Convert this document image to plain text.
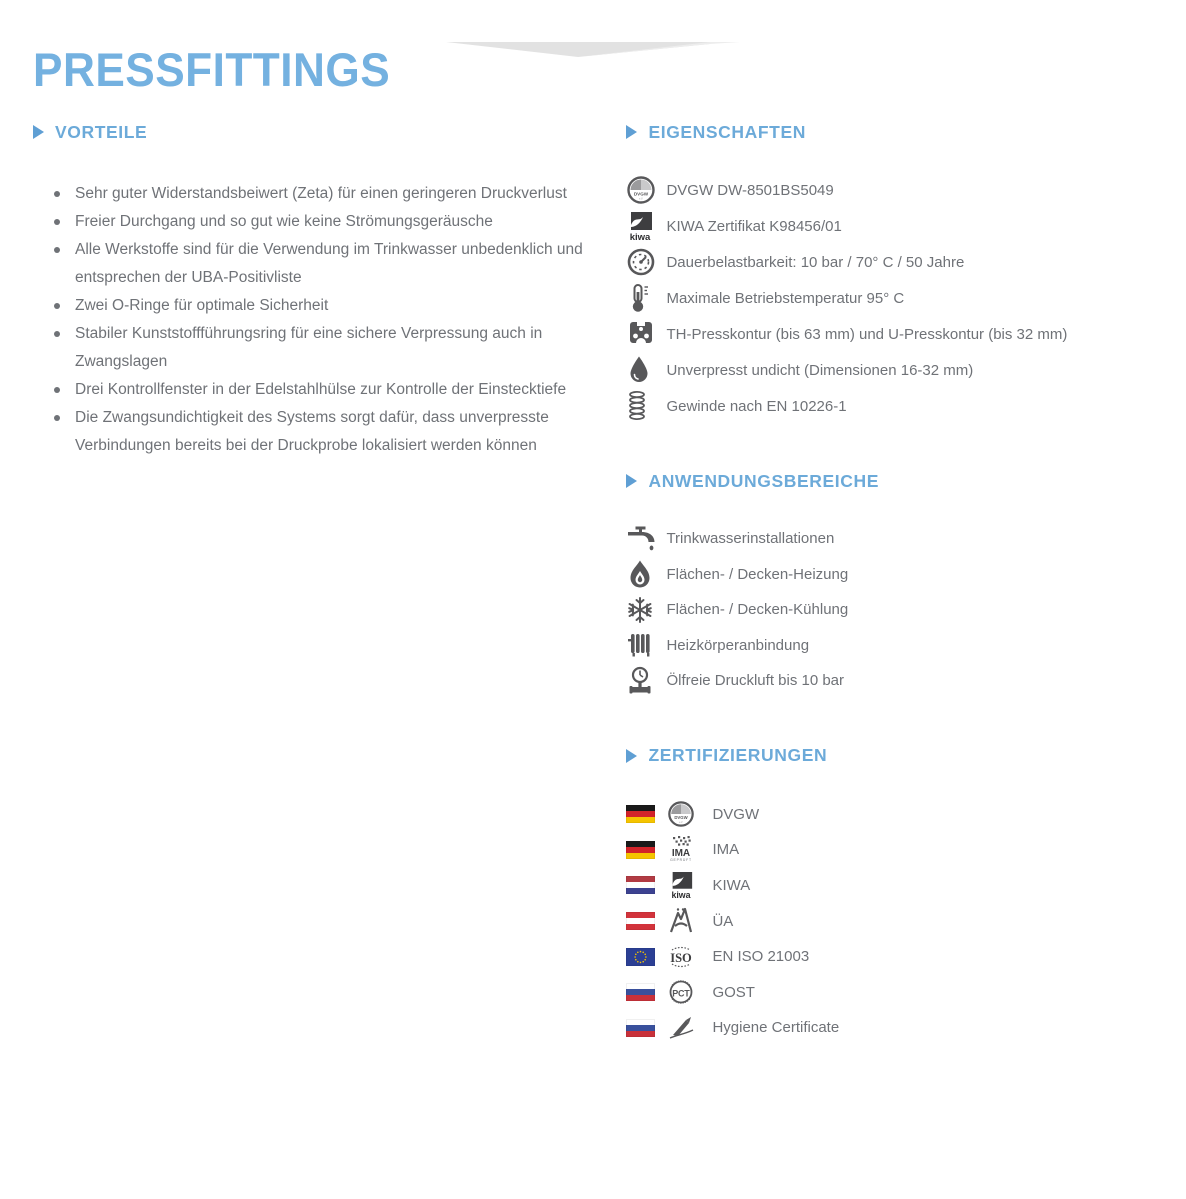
PRESSFITTINGS
VORTEILE
Sehr guter Widerstandsbeiwert (Zeta) für einen geringeren Druckverlust
Freier Durchgang und so gut wie keine Strömungsgeräusche
Alle Werkstoffe sind für die Verwendung im Trinkwasser unbedenklich und entsprechen der UBA-Positivliste
Zwei O-Ringe für optimale Sicherheit
Stabiler Kunststoffführungsring für eine sichere Verpressung auch in Zwangslagen
Drei Kontrollfenster in der Edelstahlhülse zur Kontrolle der Einstecktiefe
Die Zwangsundichtigkeit des Systems sorgt dafür, dass unverpresste Verbindungen bereits bei der Druckprobe lokalisiert werden können
EIGENSCHAFTEN
DVGW
e.V.
DVGW DW-8501BS5049
kiwa
KIWA Zertifikat K98456/01
Dauerbelastbarkeit: 10 bar / 70° C / 50 Jahre
Maximale Betriebstemperatur 95° C
TH-Presskontur (bis 63 mm) und U-Presskontur (bis 32 mm)
Unverpresst undicht (Dimensionen 16-32 mm)
Gewinde nach EN 10226-1
ANWENDUNGSBEREICHE
Trinkwasserinstallationen
Flächen- / Decken-Heizung
Flächen- / Decken-Kühlung
Heizkörperanbindung
Ölfreie Druckluft bis 10 bar
ZERTIFIZIERUNGEN
DVGW
e.V.
DVGW
IMA
GEPRÜFT
IMA
kiwa
KIWA
ÜA
ISO EN ISO 21003
РСТ GOST
Hygiene Certificate
